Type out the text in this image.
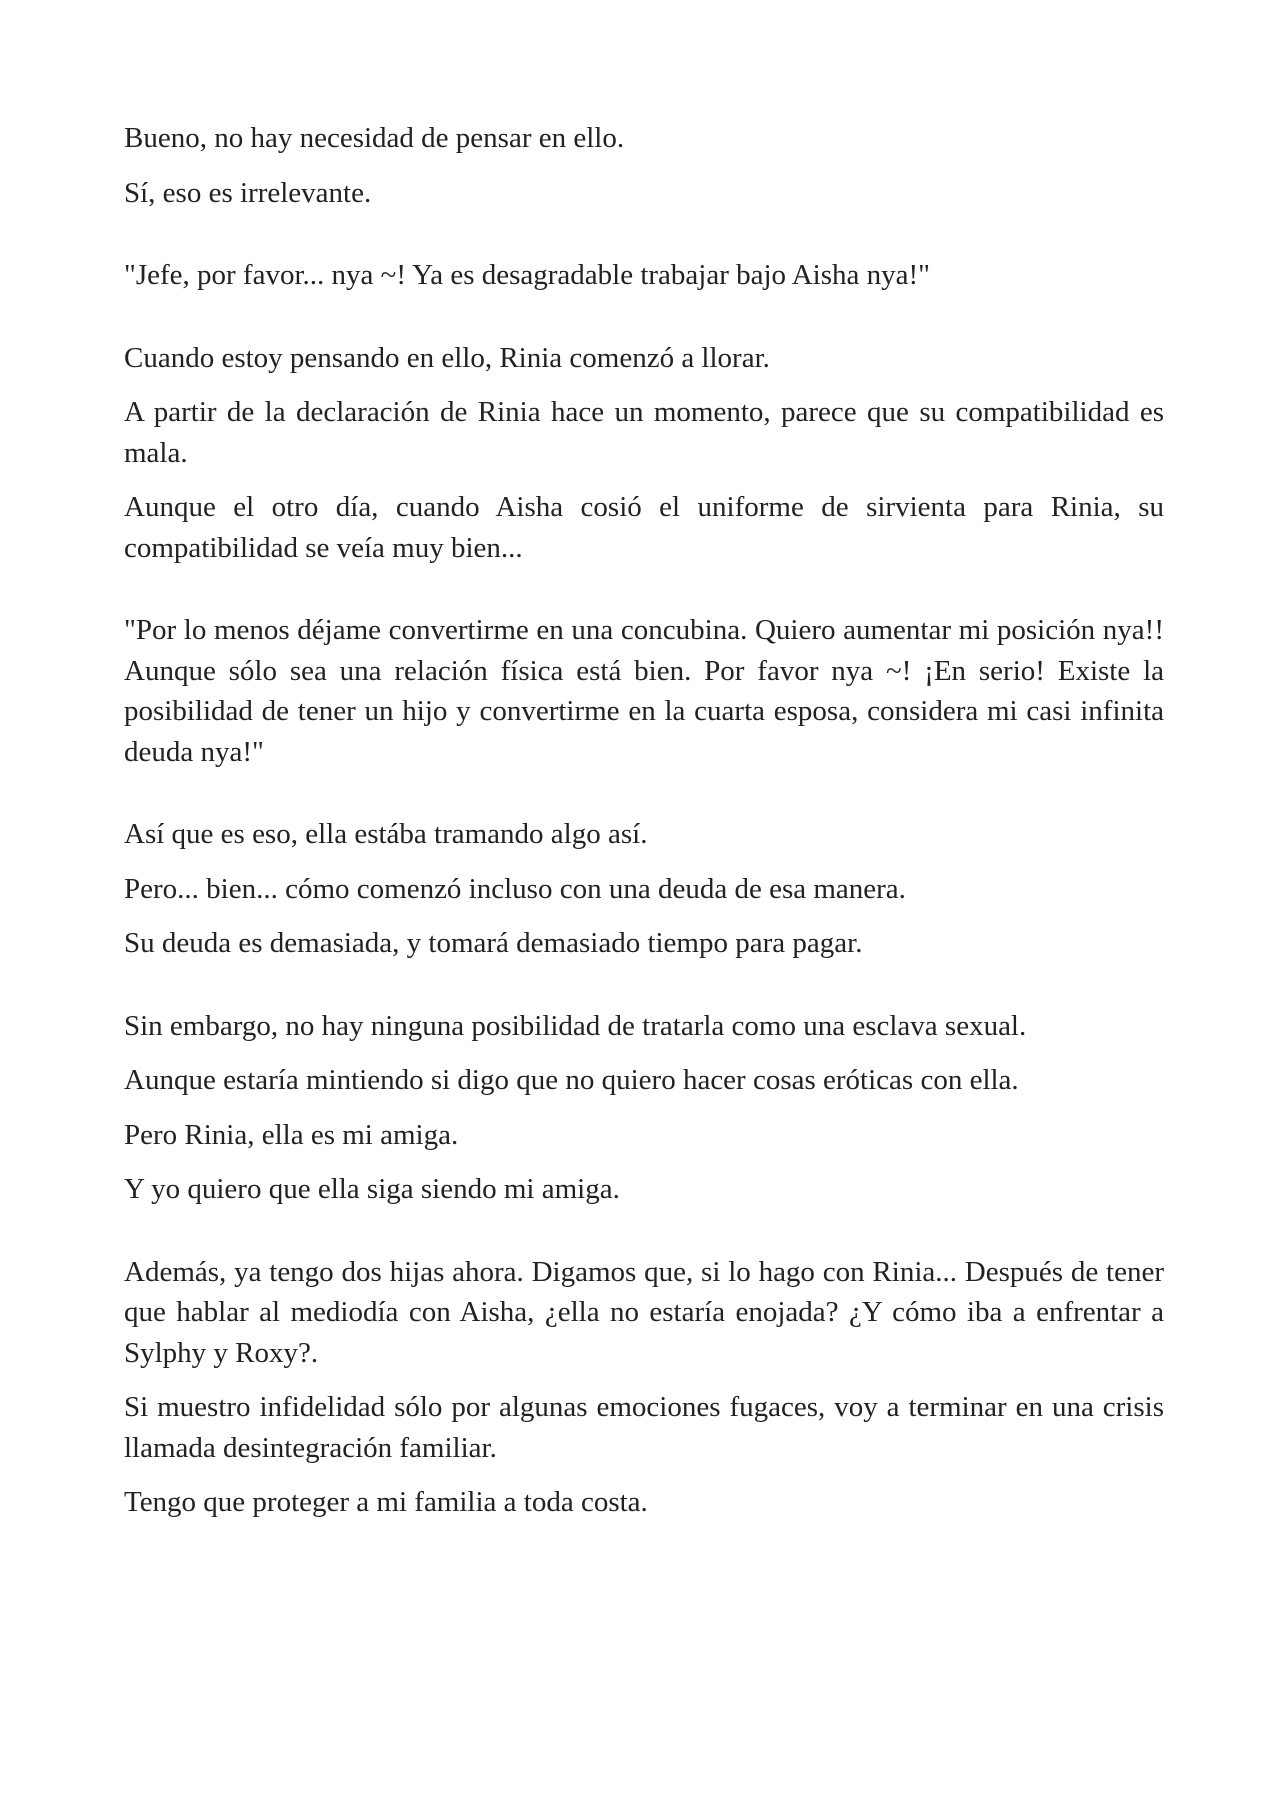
Bueno, no hay necesidad de pensar en ello.

Sí, eso es irrelevante.

"Jefe, por favor... nya ~! Ya es desagradable trabajar bajo Aisha nya!"

Cuando estoy pensando en ello, Rinia comenzó a llorar.

A partir de la declaración de Rinia hace un momento, parece que su compatibilidad es mala.

Aunque el otro día, cuando Aisha cosió el uniforme de sirvienta para Rinia, su compatibilidad se veía muy bien...

"Por lo menos déjame convertirme en una concubina. Quiero aumentar mi posición nya!! Aunque sólo sea una relación física está bien. Por favor nya ~! ¡En serio! Existe la posibilidad de tener un hijo y convertirme en la cuarta esposa, considera mi casi infinita deuda nya!"

Así que es eso, ella estába tramando algo así.

Pero... bien... cómo comenzó incluso con una deuda de esa manera.

Su deuda es demasiada, y tomará demasiado tiempo para pagar.

Sin embargo, no hay ninguna posibilidad de tratarla como una esclava sexual.

Aunque estaría mintiendo si digo que no quiero hacer cosas eróticas con ella.

Pero Rinia, ella es mi amiga.

Y yo quiero que ella siga siendo mi amiga.

Además, ya tengo dos hijas ahora. Digamos que, si lo hago con Rinia... Después de tener que hablar al mediodía con Aisha, ¿ella no estaría enojada? ¿Y cómo iba a enfrentar a Sylphy y Roxy?.

Si muestro infidelidad sólo por algunas emociones fugaces, voy a terminar en una crisis llamada desintegración familiar.

Tengo que proteger a mi familia a toda costa.
